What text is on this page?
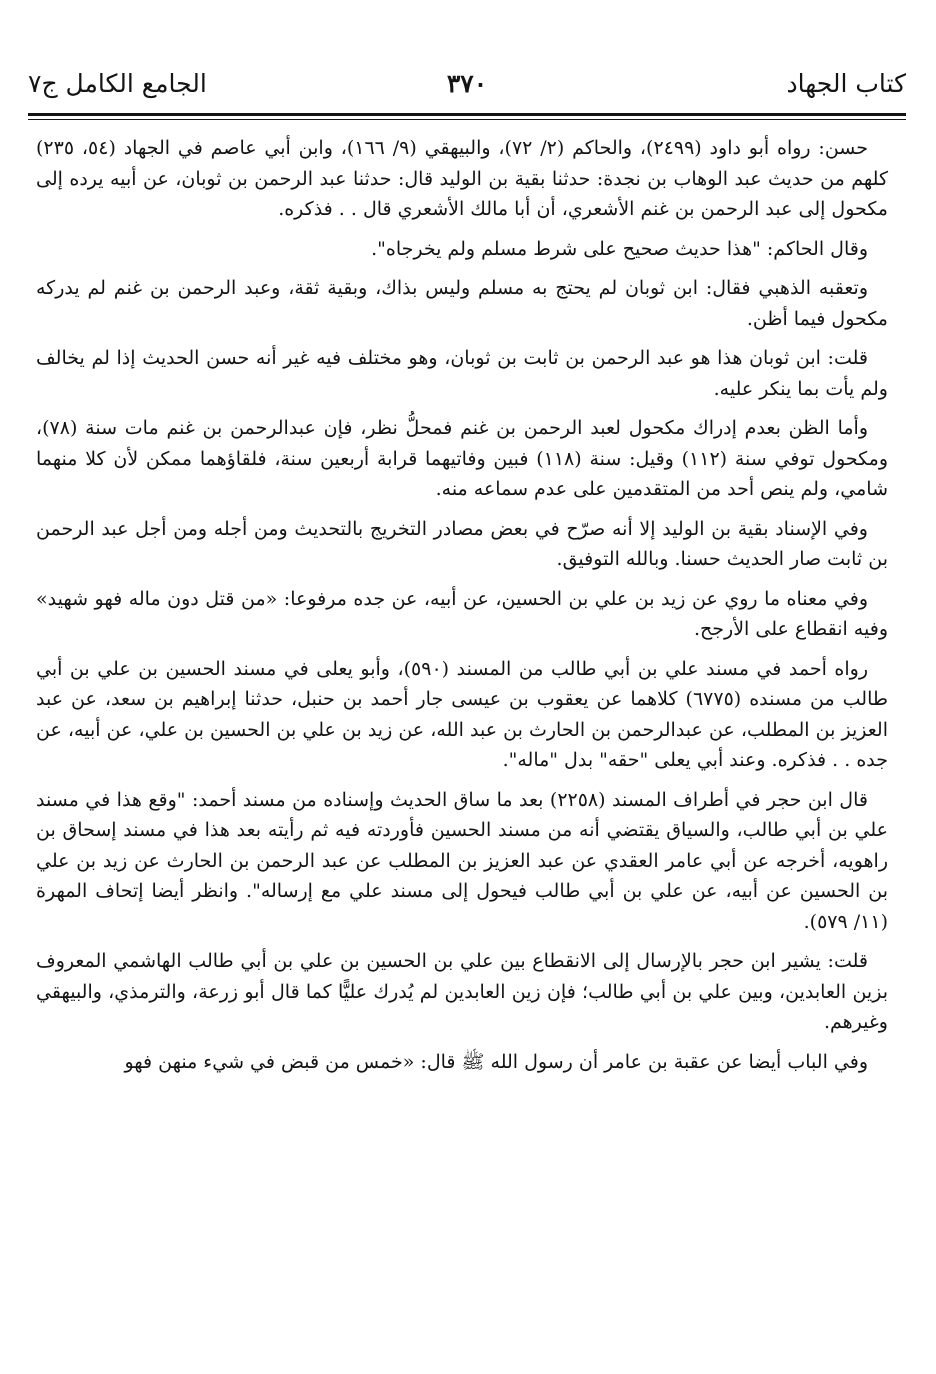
كتاب الجهاد
٣٧٠
الجامع الكامل ج٧

حسن: رواه أبو داود (٢٤٩٩)، والحاكم (٢/ ٧٢)، والبيهقي (٩/ ١٦٦)، وابن أبي عاصم في الجهاد (٥٤، ٢٣٥) كلهم من حديث عبد الوهاب بن نجدة: حدثنا بقية بن الوليد قال: حدثنا عبد الرحمن بن ثوبان، عن أبيه يرده إلى مكحول إلى عبد الرحمن بن غنم الأشعري، أن أبا مالك الأشعري قال . . فذكره.

وقال الحاكم: "هذا حديث صحيح على شرط مسلم ولم يخرجاه".

وتعقبه الذهبي فقال: ابن ثوبان لم يحتج به مسلم وليس بذاك، وبقية ثقة، وعبد الرحمن بن غنم لم يدركه مكحول فيما أظن.

قلت: ابن ثوبان هذا هو عبد الرحمن بن ثابت بن ثوبان، وهو مختلف فيه غير أنه حسن الحديث إذا لم يخالف ولم يأت بما ينكر عليه.

وأما الظن بعدم إدراك مكحول لعبد الرحمن بن غنم فمحلُّ نظر، فإن عبدالرحمن بن غنم مات سنة (٧٨)، ومكحول توفي سنة (١١٢) وقيل: سنة (١١٨) فبين وفاتيهما قرابة أربعين سنة، فلقاؤهما ممكن لأن كلا منهما شامي، ولم ينص أحد من المتقدمين على عدم سماعه منه.

وفي الإسناد بقية بن الوليد إلا أنه صرّح في بعض مصادر التخريج بالتحديث ومن أجله ومن أجل عبد الرحمن بن ثابت صار الحديث حسنا. وبالله التوفيق.

وفي معناه ما روي عن زيد بن علي بن الحسين، عن أبيه، عن جده مرفوعا: «من قتل دون ماله فهو شهيد» وفيه انقطاع على الأرجح.

رواه أحمد في مسند علي بن أبي طالب من المسند (٥٩٠)، وأبو يعلى في مسند الحسين بن علي بن أبي طالب من مسنده (٦٧٧٥) كلاهما عن يعقوب بن عيسى جار أحمد بن حنبل، حدثنا إبراهيم بن سعد، عن عبد العزيز بن المطلب، عن عبدالرحمن بن الحارث بن عبد الله، عن زيد بن علي بن الحسين بن علي، عن أبيه، عن جده . . فذكره. وعند أبي يعلى "حقه" بدل "ماله".

قال ابن حجر في أطراف المسند (٢٢٥٨) بعد ما ساق الحديث وإسناده من مسند أحمد: "وقع هذا في مسند علي بن أبي طالب، والسياق يقتضي أنه من مسند الحسين فأوردته فيه ثم رأيته بعد هذا في مسند إسحاق بن راهويه، أخرجه عن أبي عامر العقدي عن عبد العزيز بن المطلب عن عبد الرحمن بن الحارث عن زيد بن علي بن الحسين عن أبيه، عن علي بن أبي طالب فيحول إلى مسند علي مع إرساله". وانظر أيضا إتحاف المهرة (١١/ ٥٧٩).

قلت: يشير ابن حجر بالإرسال إلى الانقطاع بين علي بن الحسين بن علي بن أبي طالب الهاشمي المعروف بزين العابدين، وبين علي بن أبي طالب؛ فإن زين العابدين لم يُدرك عليًّا كما قال أبو زرعة، والترمذي، والبيهقي وغيرهم.

وفي الباب أيضا عن عقبة بن عامر أن رسول الله ﷺ قال: «خمس من قبض في شيء منهن فهو
